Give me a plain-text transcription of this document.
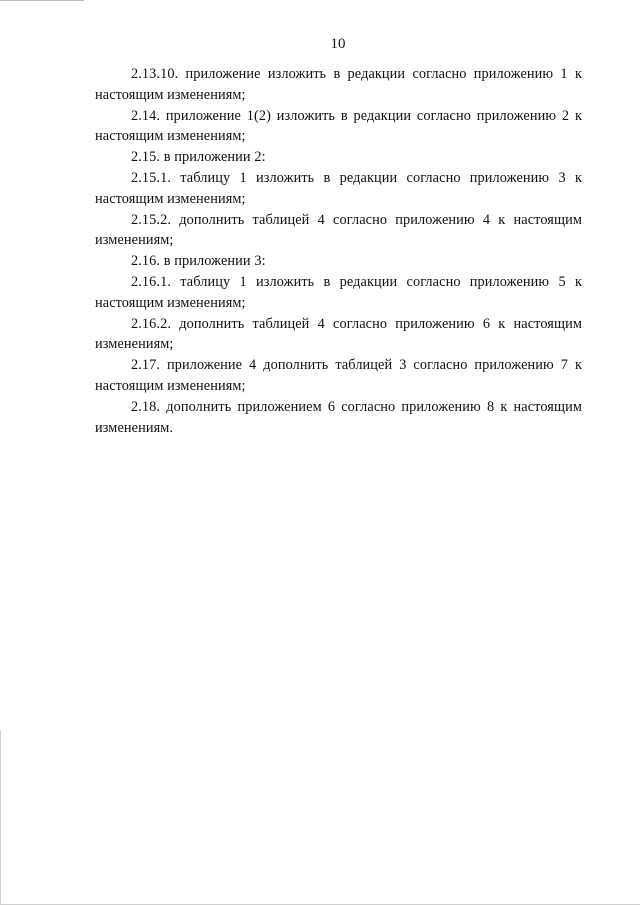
10

2.13.10. приложение изложить в редакции согласно приложению 1 к настоящим изменениям;

2.14. приложение 1(2) изложить в редакции согласно приложению 2 к настоящим изменениям;

2.15. в приложении 2:

2.15.1. таблицу 1 изложить в редакции согласно приложению 3 к настоящим изменениям;

2.15.2. дополнить таблицей 4 согласно приложению 4 к настоящим изменениям;

2.16. в приложении 3:

2.16.1. таблицу 1 изложить в редакции согласно приложению 5 к настоящим изменениям;

2.16.2. дополнить таблицей 4 согласно приложению 6 к настоящим изменениям;

2.17. приложение 4 дополнить таблицей 3 согласно приложению 7 к настоящим изменениям;

2.18. дополнить приложением 6 согласно приложению 8 к настоящим изменениям.
